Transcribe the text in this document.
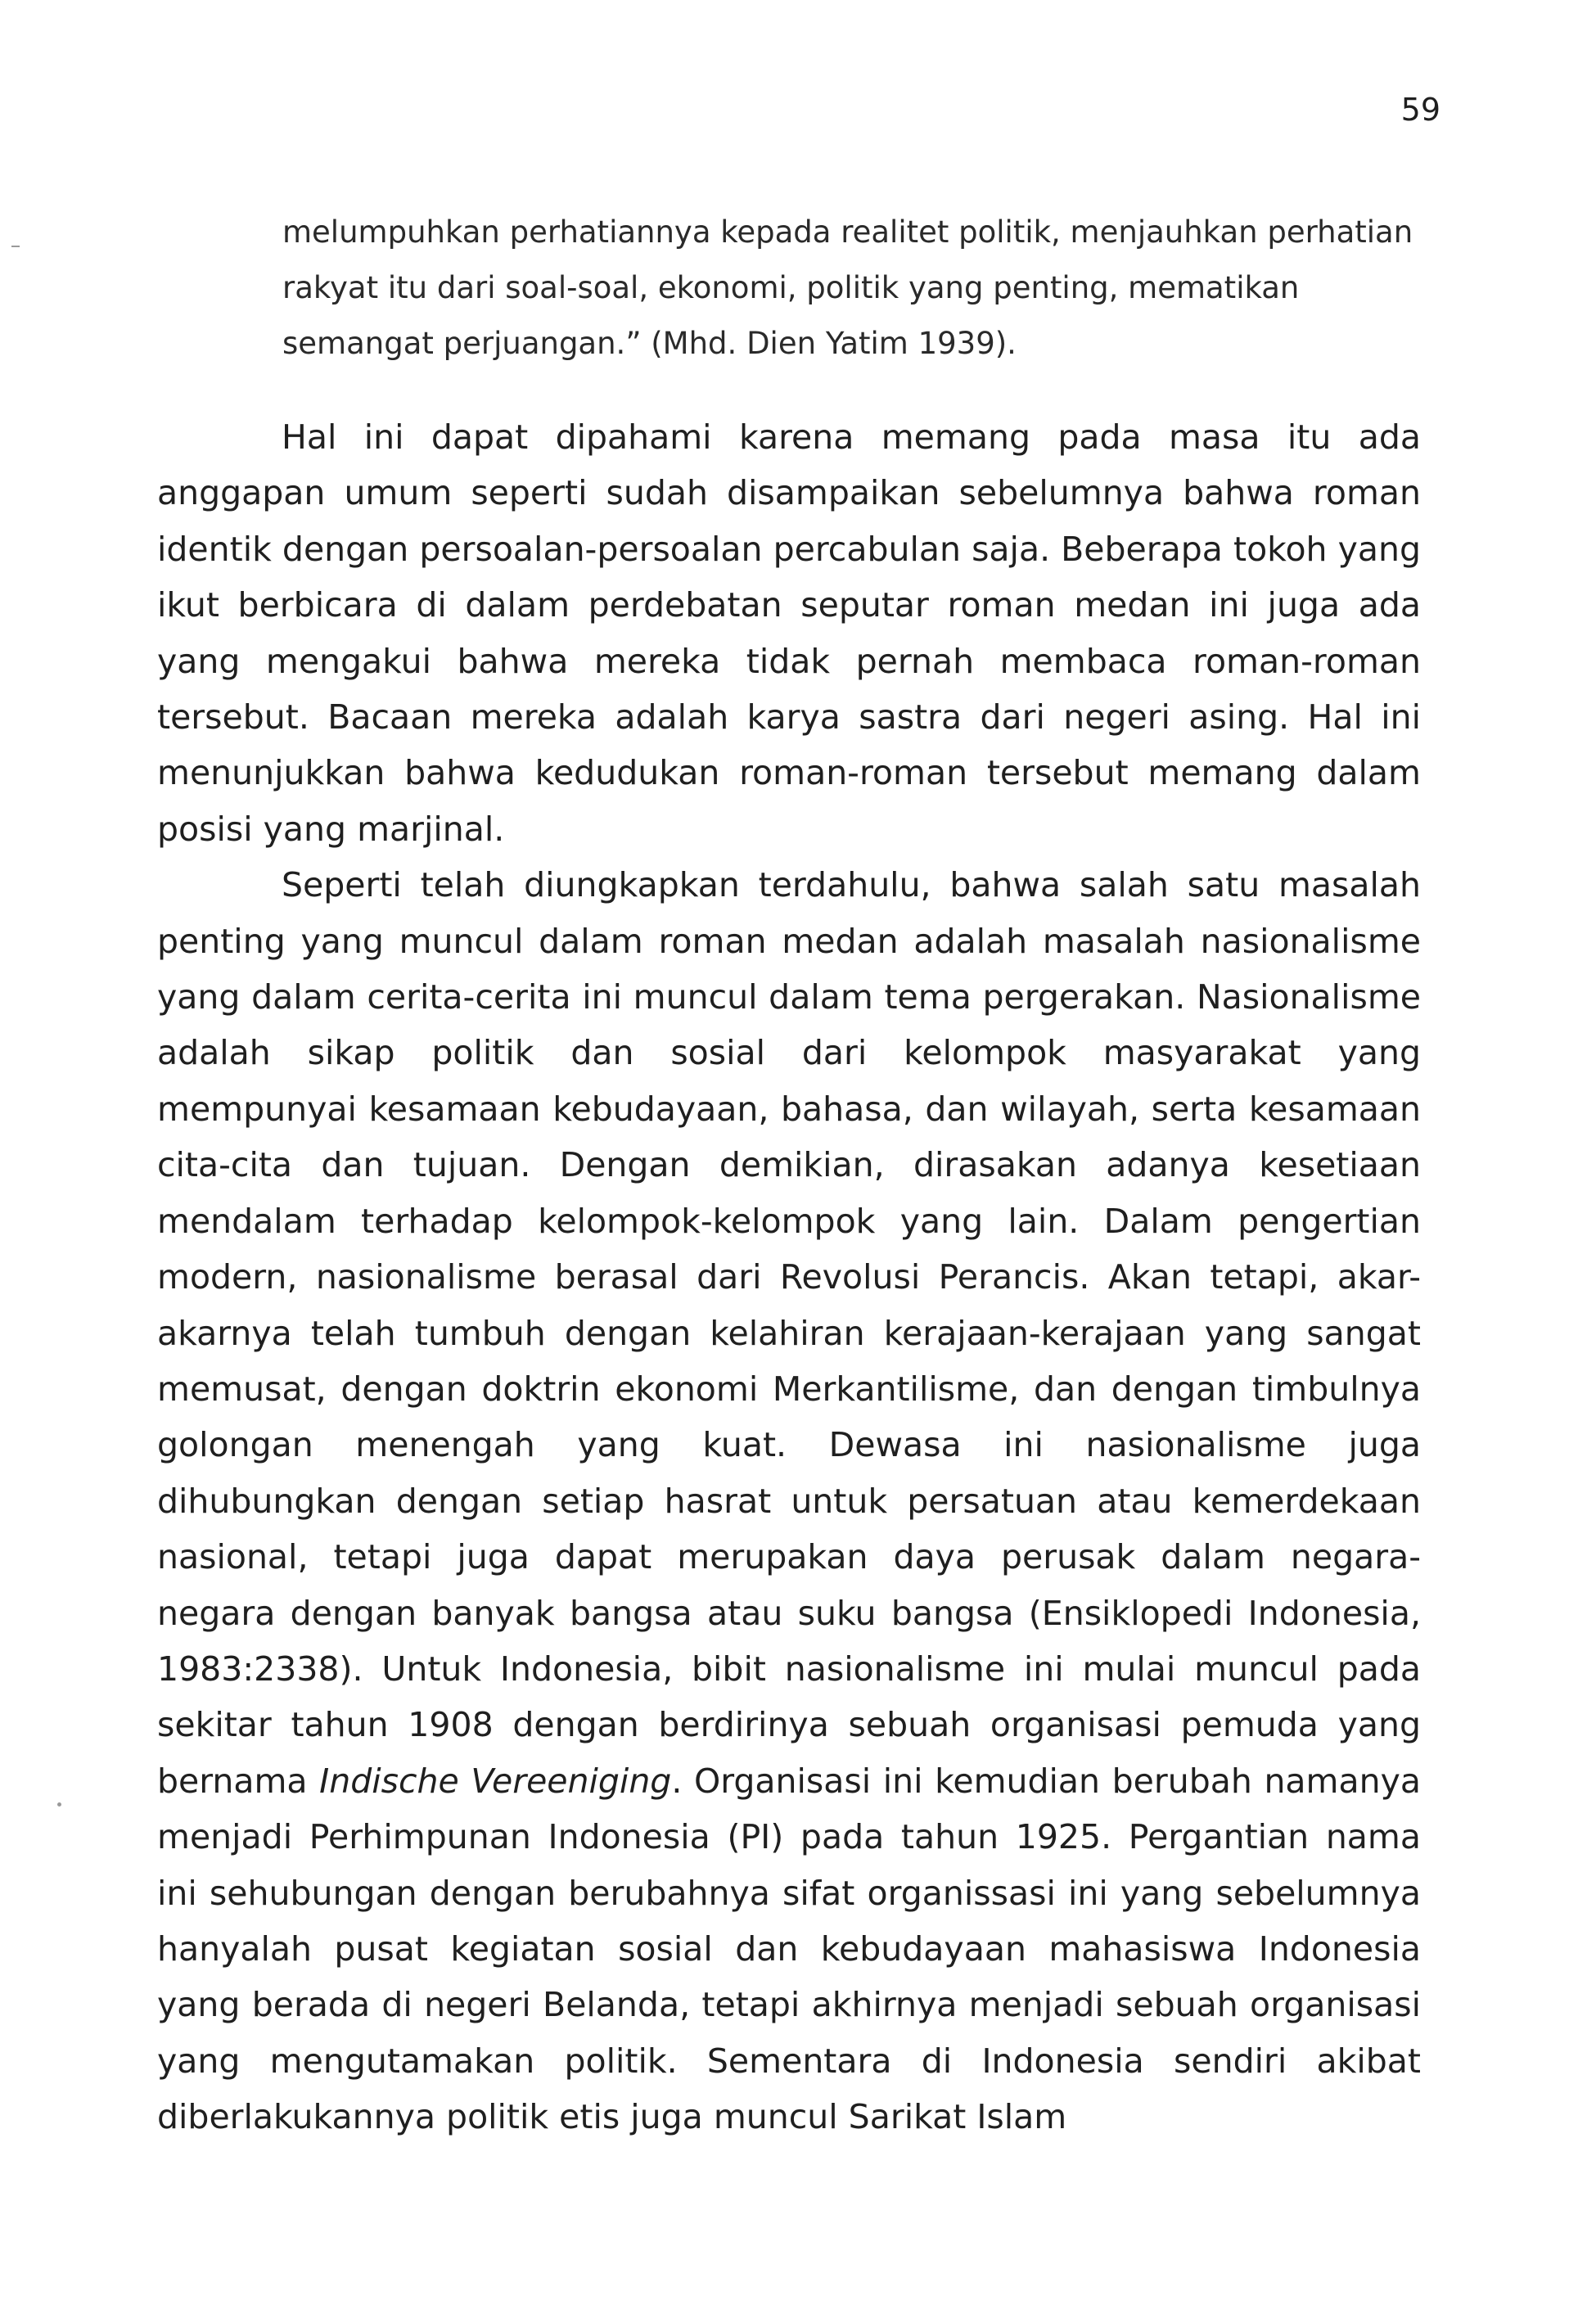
59
melumpuhkan perhatiannya kepada realitet politik, menjauhkan perhatian rakyat itu dari soal-soal, ekonomi, politik yang penting, mematikan semangat perjuangan.” (Mhd. Dien Yatim 1939).

Hal ini dapat dipahami karena memang pada masa itu ada anggapan umum seperti sudah disampaikan sebelumnya bahwa roman identik dengan persoalan-persoalan percabulan saja. Beberapa tokoh yang ikut berbicara di dalam perdebatan seputar roman medan ini juga ada yang mengakui bahwa mereka tidak pernah membaca roman-roman tersebut. Bacaan mereka adalah karya sastra dari negeri asing. Hal ini menunjukkan bahwa kedudukan roman-roman tersebut memang dalam posisi yang marjinal.

Seperti telah diungkapkan terdahulu, bahwa salah satu masalah penting yang muncul dalam roman medan adalah masalah nasionalisme yang dalam cerita-cerita ini muncul dalam tema pergerakan. Nasionalisme adalah sikap politik dan sosial dari kelompok masyarakat yang mempunyai kesamaan kebudayaan, bahasa, dan wilayah, serta kesamaan cita-cita dan tujuan. Dengan demikian, dirasakan adanya kesetiaan mendalam terhadap kelompok-kelompok yang lain. Dalam pengertian modern, nasionalisme berasal dari Revolusi Perancis. Akan tetapi, akar-akarnya telah tumbuh dengan kelahiran kerajaan-kerajaan yang sangat memusat, dengan doktrin ekonomi Merkantilisme, dan dengan timbulnya golongan menengah yang kuat. Dewasa ini nasionalisme juga dihubungkan dengan setiap hasrat untuk persatuan atau kemerdekaan nasional, tetapi juga dapat merupakan daya perusak dalam negara-negara dengan banyak bangsa atau suku bangsa (Ensiklopedi Indonesia, 1983:2338). Untuk Indonesia, bibit nasionalisme ini mulai muncul pada sekitar tahun 1908 dengan berdirinya sebuah organisasi pemuda yang bernama Indische Vereeniging. Organisasi ini kemudian berubah namanya menjadi Perhimpunan Indonesia (PI) pada tahun 1925. Pergantian nama ini sehubungan dengan berubahnya sifat organissasi ini yang sebelumnya hanyalah pusat kegiatan sosial dan kebudayaan mahasiswa Indonesia yang berada di negeri Belanda, tetapi akhirnya menjadi sebuah organisasi yang mengutamakan politik. Sementara di Indonesia sendiri akibat diberlakukannya politik etis juga muncul Sarikat Islam
